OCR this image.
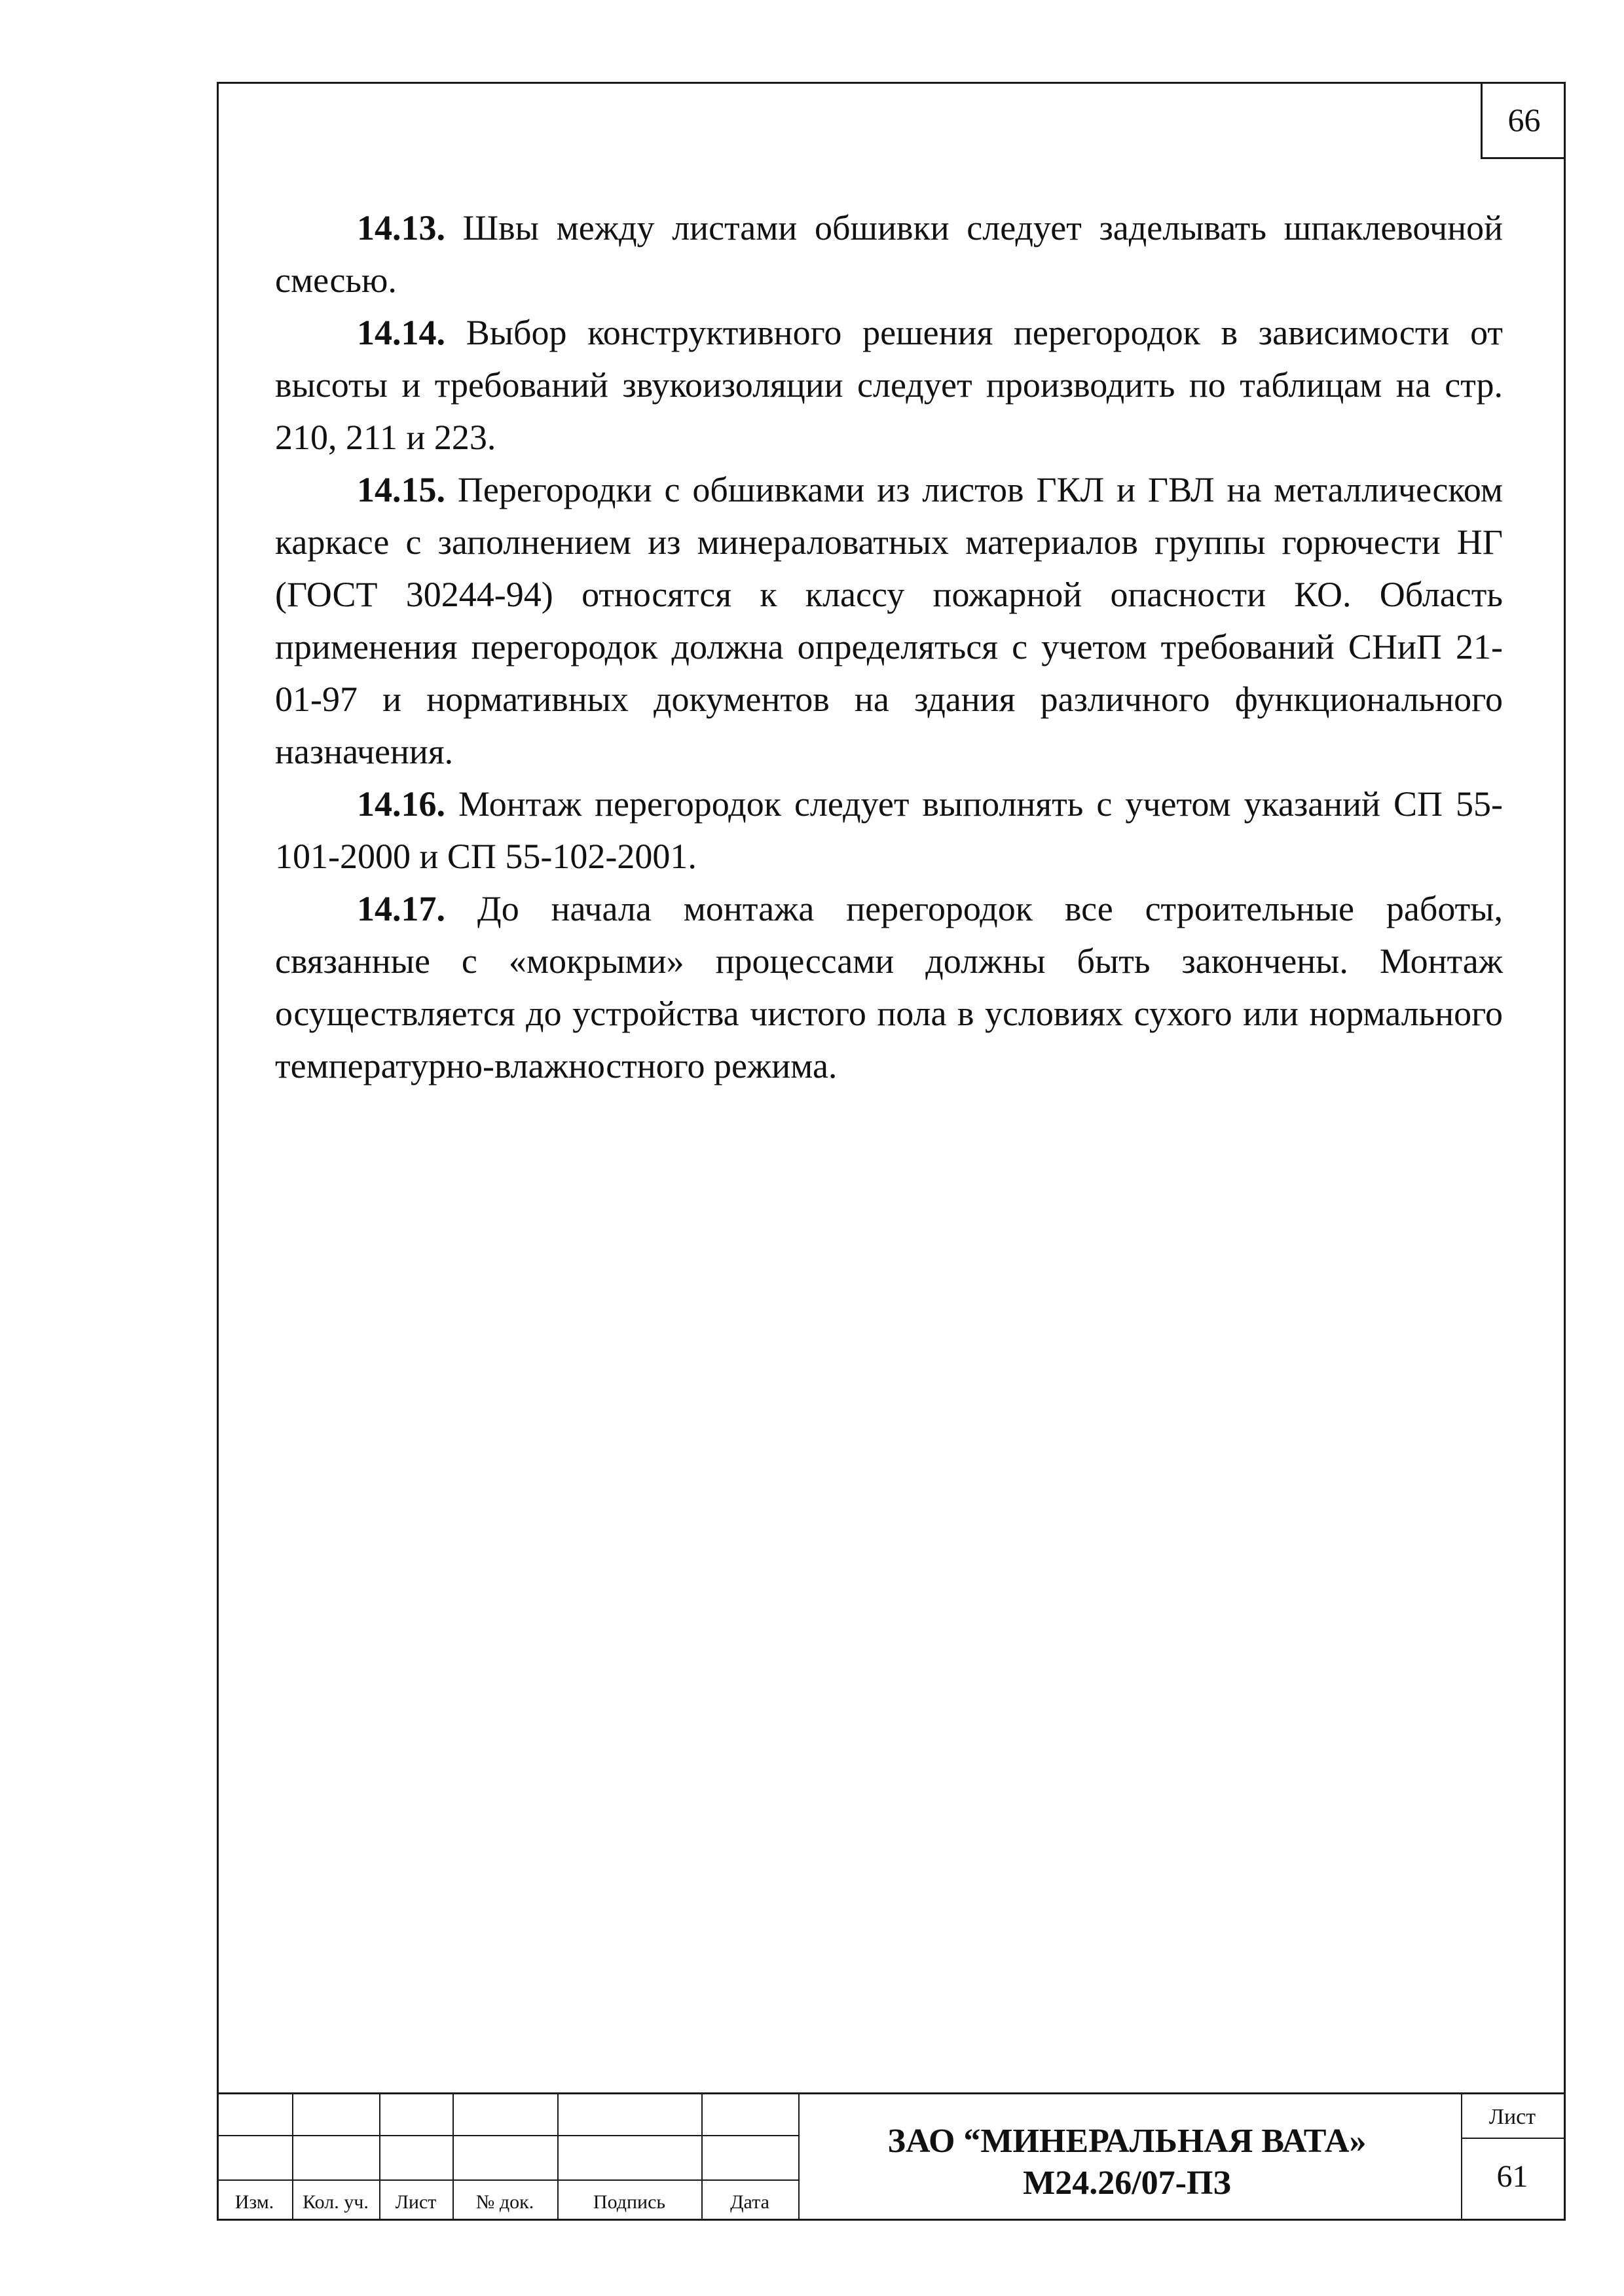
66

14.13. Швы между листами обшивки следует заделывать шпаклевочной смесью.

14.14. Выбор конструктивного решения перегородок в зависимости от высоты и требований звукоизоляции следует производить по таблицам на стр. 210, 211 и 223.

14.15. Перегородки с обшивками из листов ГКЛ и ГВЛ на металлическом каркасе с заполнением из минераловатных материалов группы горючести НГ (ГОСТ 30244-94) относятся к классу пожарной опасности КО. Область применения перегородок должна определяться с учетом требований СНиП 21-01-97 и нормативных документов на здания различного функционального назначения.

14.16. Монтаж перегородок следует выполнять с учетом указаний СП 55-101-2000 и СП 55-102-2001.

14.17. До начала монтажа перегородок все строительные работы, связанные с «мокрыми» процессами должны быть закончены. Монтаж осуществляется до устройства чистого пола в условиях сухого или нормального температурно-влажностного режима.

Изм.	Кол. уч.	Лист	№ док.	Подпись	Дата
ЗАО “МИНЕРАЛЬНАЯ ВАТА»
М24.26/07-ПЗ
Лист
61
